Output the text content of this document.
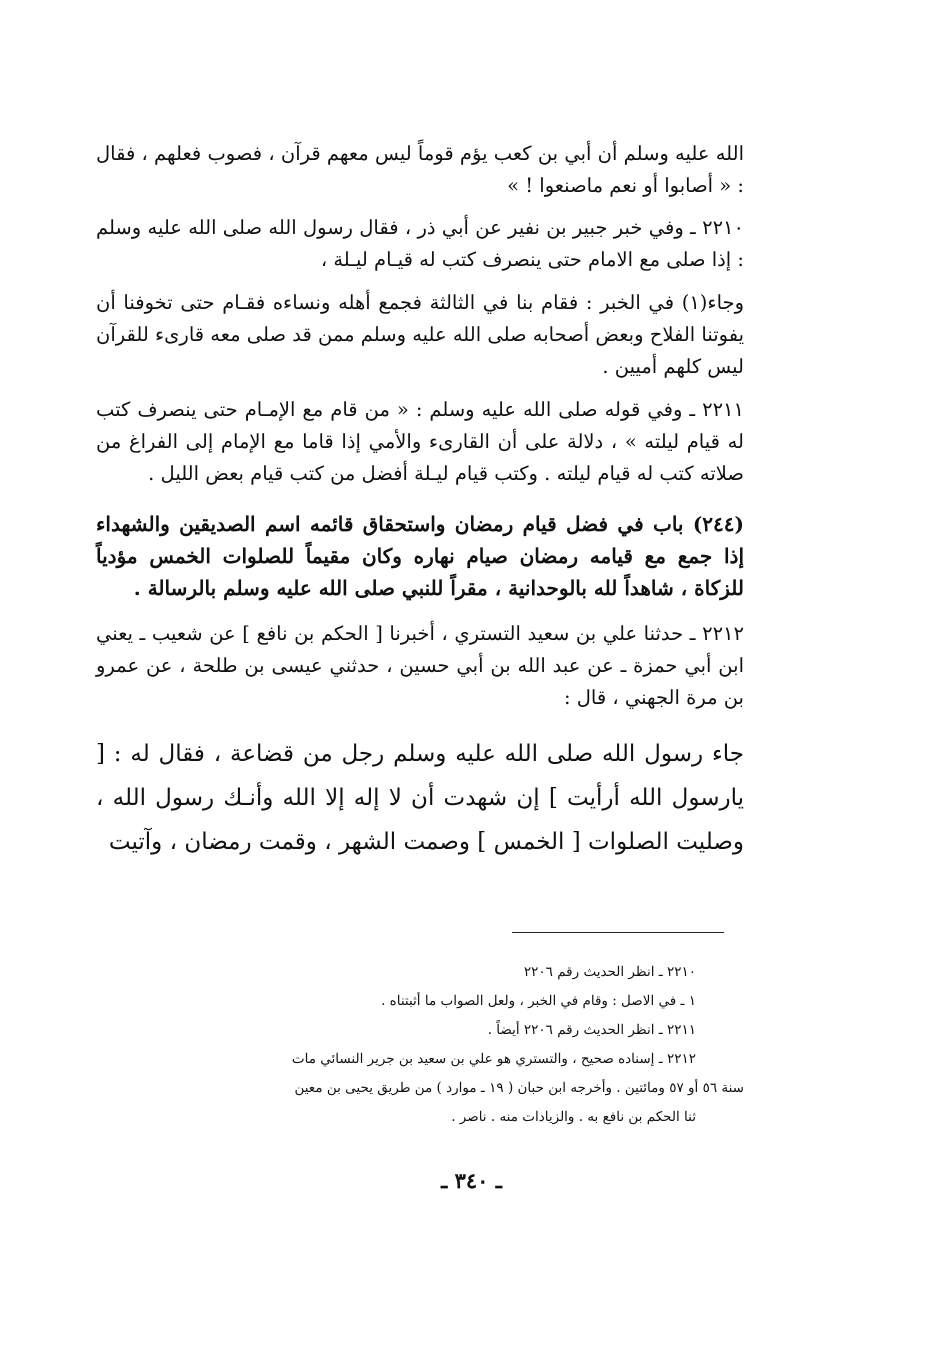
الله عليه وسلم أن أبي بن كعب يؤم قوماً ليس معهم قرآن ، فصوب فعلهم ، فقال : « أصابوا أو نعم ماصنعوا ! »

٢٢١٠ ـ وفي خبر جبير بن نفير عن أبي ذر ، فقال رسول الله صلى الله عليه وسلم : إذا صلى مع الامام حتى ينصرف كتب له قيـام ليـلة ،

وجاء(١) في الخبر : فقام بنا في الثالثة فجمع أهله ونساءه فقـام حتى تخوفنا أن يفوتنا الفلاح وبعض أصحابه صلى الله عليه وسلم ممن قد صلى معه قارىء للقرآن ليس كلهم أميين .

٢٢١١ ـ وفي قوله صلى الله عليه وسلم : « من قام مع الإمـام حتى ينصرف كتب له قيام ليلته » ، دلالة على أن القارىء والأمي إذا قاما مع الإمام إلى الفراغ من صلاته كتب له قيام ليلته . وكتب قيام ليـلة أفضل من كتب قيام بعض الليل .

(٢٤٤) باب في فضل قيام رمضان واستحقاق قائمه اسم الصديقين والشهداء إذا جمع مع قيامه رمضان صيام نهاره وكان مقيماً للصلوات الخمس مؤدياً للزكاة ، شاهداً لله بالوحدانية ، مقراً للنبي صلى الله عليه وسلم بالرسالة .

٢٢١٢ ـ حدثنا علي بن سعيد التستري ، أخبرنا [ الحكم بن نافع ] عن شعيب ـ يعني ابن أبي حمزة ـ عن عبد الله بن أبي حسين ، حدثني عيسى بن طلحة ، عن عمرو بن مرة الجهني ، قال :

جاء رسول الله صلى الله عليه وسلم رجل من قضاعة ، فقال له : [ يارسول الله أرأيت ] إن شهدت أن لا إله إلا الله وأنـك رسول الله ، وصليت الصلوات [ الخمس ] وصمت الشهر ، وقمت رمضان ، وآتيت

٢٢١٠ ـ انظر الحديث رقم ٢٢٠٦

١ ـ في الاصل : وقام في الخبر ، ولعل الصواب ما أثبتناه .

٢٢١١ ـ انظر الحديث رقم ٢٢٠٦ أيضاً .

٢٢١٢ ـ إسناده صحيح ، والتستري هو علي بن سعيد بن جرير النسائي مات

سنة ٥٦ أو ٥٧ ومائتين . وأخرجه ابن حبان ( ١٩ ـ موارد ) من طريق يحيى بن معين

ثنا الحكم بن نافع به . والزيادات منه . ناصر .

ـ ٣٤٠ ـ
